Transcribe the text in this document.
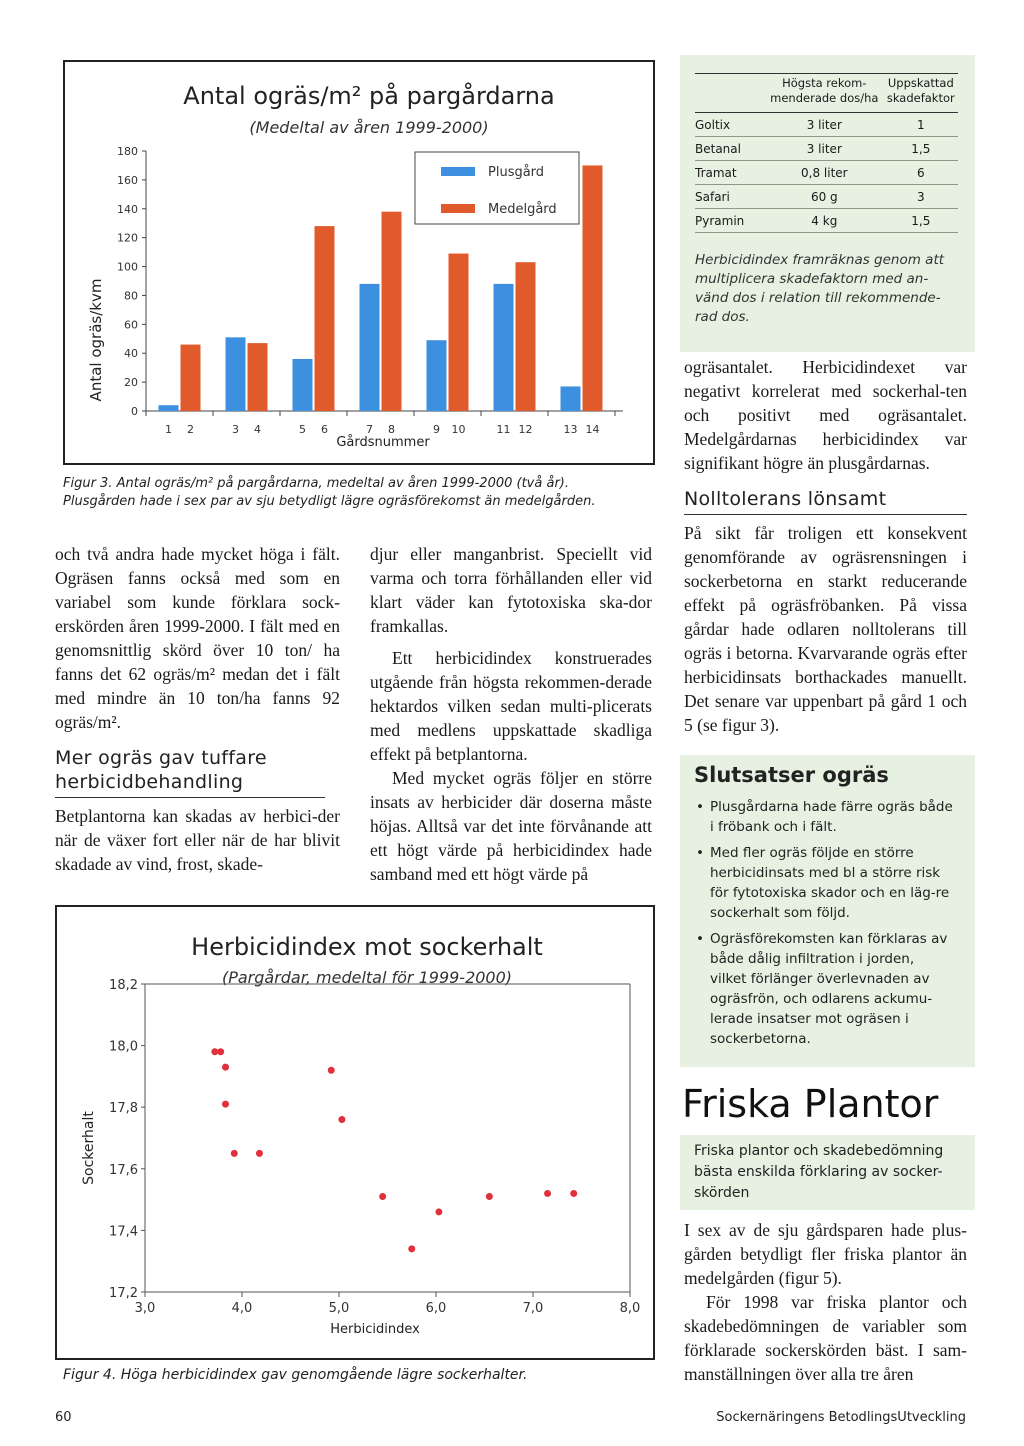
Antal ogräs/m² på pargårdarna
(Medeltal av åren 1999-2000)
Antal ogräs/kvm
Gårdsnummer
0
20
40
60
80
100
120
140
160
180
1 2	3 4	5 6	7 8	9 10	11 12	13 14
Plusgård
Medelgård
Figur 3. Antal ogräs/m² på pargårdarna, medeltal av åren 1999-2000 (två år).
Plusgården hade i sex par av sju betydligt lägre ogräsförekomst än medelgården.

och två andra hade mycket höga i fält. Ogräsen fanns också med som en variabel som kunde förklara sock-erskörden åren 1999-2000. I fält med en genomsnittlig skörd över 10 ton/ ha fanns det 62 ogräs/m² medan det i fält med mindre än 10 ton/ha fanns 92 ogräs/m².

Mer ogräs gav tuffare herbicidbehandling

Betplantorna kan skadas av herbici-der när de växer fort eller när de har blivit skadade av vind, frost, skade-

djur eller manganbrist. Speciellt vid varma och torra förhållanden eller vid klart väder kan fytotoxiska ska-dor framkallas.

Ett herbicidindex konstruerades utgående från högsta rekommen-derade hektardos vilken sedan multi-plicerats med medlens uppskattade skadliga effekt på betplantorna.

Med mycket ogräs följer en större insats av herbicider där doserna måste höjas. Alltså var det inte förvånande att ett högt värde på herbicidindex hade samband med ett högt värde på

Herbicidindex mot sockerhalt
(Pargårdar, medeltal för 1999-2000)
Sockerhalt
Herbicidindex
17,2
17,4
17,6
17,8
18,0
18,2
3,0	4,0	5,0	6,0	7,0	8,0
Figur 4. Höga herbicidindex gav genomgående lägre sockerhalter.
	Högsta rekom-
menderade dos/ha	Uppskattad
skadefaktor
Goltix	3 liter	1
Betanal	3 liter	1,5
Tramat	0,8 liter	6
Safari	60 g	3
Pyramin	4 kg	1,5
Herbicidindex framräknas genom att multiplicera skadefaktorn med an-vänd dos i relation till rekommende-rad dos.

ogräsantalet. Herbicidindexet var negativt korrelerat med sockerhal-ten och positivt med ogräsantalet. Medelgårdarnas herbicidindex var signifikant högre än plusgårdarnas.

Nolltolerans lönsamt

På sikt får troligen ett konsekvent genomförande av ogräsrensningen i sockerbetorna en starkt reducerande effekt på ogräsfröbanken. På vissa gårdar hade odlaren nolltolerans till ogräs i betorna. Kvarvarande ogräs efter herbicidinsats borthackades manuellt. Det senare var uppenbart på gård 1 och 5 (se figur 3).

Slutsatser ogräs
• Plusgårdarna hade färre ogräs både i fröbank och i fält.
• Med fler ogräs följde en större herbicidinsats med bl a större risk för fytotoxiska skador och en läg-re sockerhalt som följd.
• Ogräsförekomsten kan förklaras av både dålig infiltration i jorden, vilket förlänger överlevnaden av ogräsfrön, och odlarens ackumu-lerade insatser mot ogräsen i sockerbetorna.
Friska Plantor
Friska plantor och skadebedömning bästa enskilda förklaring av socker-skörden

I sex av de sju gårdsparen hade plus-gården betydligt fler friska plantor än medelgården (figur 5).

För 1998 var friska plantor och skadebedömningen de variabler som förklarade sockerskörden bäst. I sam-manställningen över alla tre åren

60	Sockernäringens BetodlingsUtveckling
